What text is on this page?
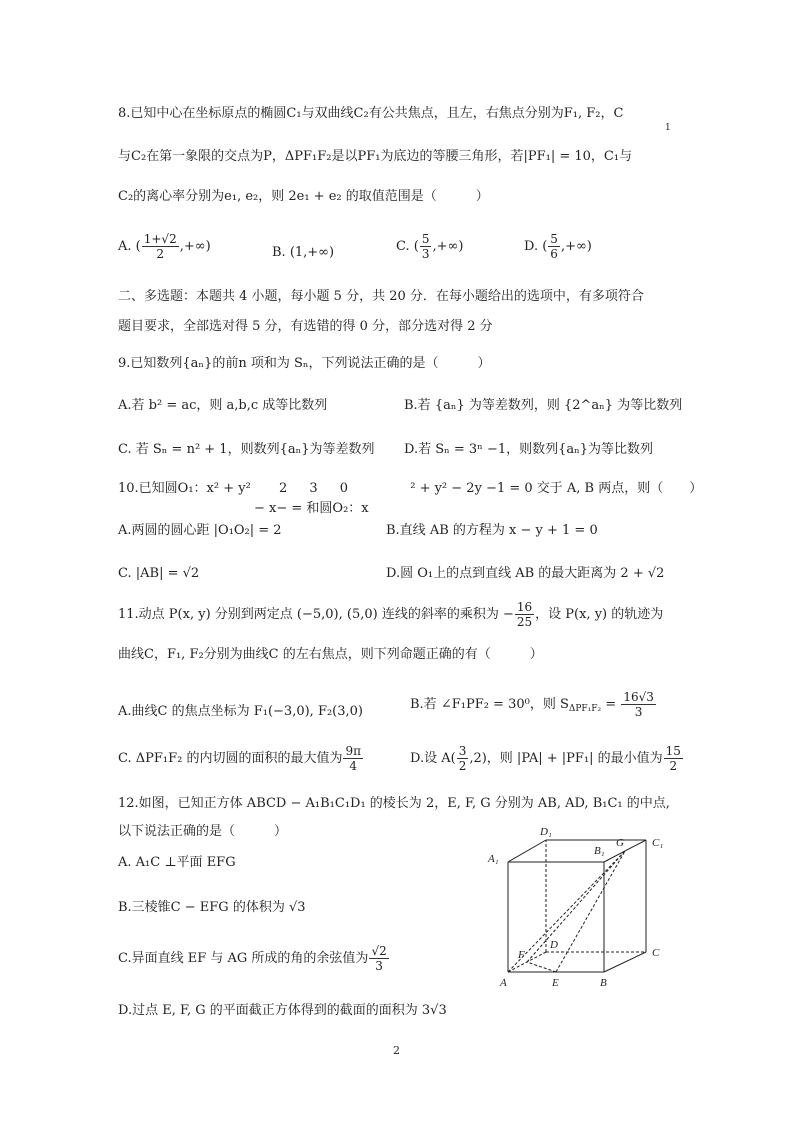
8.已知中心在坐标原点的椭圆C₁与双曲线C₂有公共焦点，且左，右焦点分别为F₁, F₂，C
1
与C₂在第一象限的交点为P，ΔPF₁F₂是以PF₁为底边的等腰三角形，若|PF₁| = 10，C₁与
C₂的离心率分别为e₁, e₂，则 2e₁ + e₂ 的取值范围是（　　　）
A. ( $\frac{1+√2}{2}$ ,+∞)	B. (1,+∞)	C. ( $\frac{5}{3}$ ,+∞)	D. ( $\frac{5}{6}$ ,+∞)
二、多选题：本题共 4 小题，每小题 5 分，共 20 分．在每小题给出的选项中，有多项符合
题目要求，全部选对得 5 分，有选错的得 0 分，部分选对得 2 分
9.已知数列{aₙ}的前n 项和为 Sₙ，下列说法正确的是（　　　）
A.若 b² = ac，则 a,b,c 成等比数列	B.若 {aₙ} 为等差数列，则 {2^aₙ} 为等比数列
C. 若 Sₙ = n² + 1，则数列{aₙ}为等差数列 D.若 Sₙ = 3ⁿ −1，则数列{aₙ}为等比数列
10.已知圆O₁：x² + y² 2 3 0	² + y² − 2y −1 = 0 交于 A, B 两点，则（　　）
− x− = 和圆O₂：x
A.两圆的圆心距 |O₁O₂| = 2	B.直线 AB 的方程为 x − y + 1 = 0
C. |AB| = √2	D.圆 O₁上的点到直线 AB 的最大距离为 2 + √2
11.动点 P(x, y) 分别到两定点 (−5,0), (5,0) 连线的斜率的乘积为 − $\frac{16}{25}$ ，设 P(x, y) 的轨迹为
曲线C，F₁, F₂分别为曲线C 的左右焦点，则下列命题正确的有（　　　）
A.曲线C 的焦点坐标为 F₁(−3,0), F₂(3,0)	B.若 ∠F₁PF₂ = 30⁰，则 $S_{\Delta PF_1F_2} = \frac{16√3}{3}$
C. ΔPF₁F₂ 的内切圆的面积的最大值为 $\frac{9\pi}{4}$	D.设 $A( \frac{3}{2} ,2)$，则 |PA| + |PF₁| 的最小值为 $\frac{15}{2}$
12.如图，已知正方体 ABCD − A₁B₁C₁D₁ 的棱长为 2，E, F, G 分别为 AB, AD, B₁C₁ 的中点,
以下说法正确的是（　　　）
A. A₁C ⊥平面 EFG
B.三棱锥C − EFG 的体积为 √3
C.异面直线 EF 与 AG 所成的角的余弦值为 $\frac{√2}{3}$
D.过点 E, F, G 的平面截正方体得到的截面的面积为 3√3
A	E	B
C
D
F
A₁
B₁
G	C₁
D₁
2
